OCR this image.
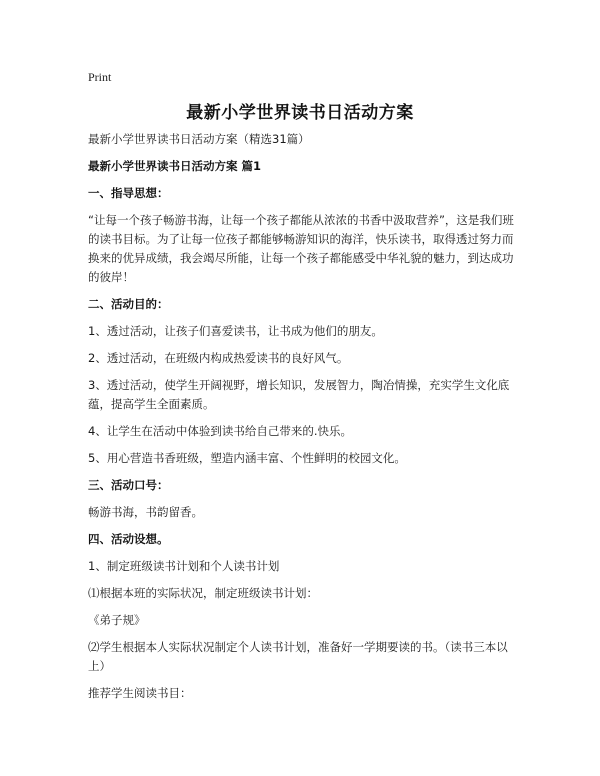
Print
最新小学世界读书日活动方案
最新小学世界读书日活动方案（精选31篇）
最新小学世界读书日活动方案 篇1
一、指导思想：
“让每一个孩子畅游书海，让每一个孩子都能从浓浓的书香中汲取营养”，这是我们班的读书目标。为了让每一位孩子都能够畅游知识的海洋，快乐读书，取得透过努力而换来的优异成绩，我会竭尽所能，让每一个孩子都能感受中华礼貌的魅力，到达成功的彼岸！
二、活动目的：
1、透过活动，让孩子们喜爱读书，让书成为他们的朋友。
2、透过活动，在班级内构成热爱读书的良好风气。
3、透过活动，使学生开阔视野，增长知识，发展智力，陶冶情操，充实学生文化底蕴，提高学生全面素质。
4、让学生在活动中体验到读书给自己带来的.快乐。
5、用心营造书香班级，塑造内涵丰富、个性鲜明的校园文化。
三、活动口号：
畅游书海，书韵留香。
四、活动设想。
1、制定班级读书计划和个人读书计划
⑴根据本班的实际状况，制定班级读书计划：
《弟子规》
⑵学生根据本人实际状况制定个人读书计划，准备好一学期要读的书。（读书三本以上）
推荐学生阅读书目：
